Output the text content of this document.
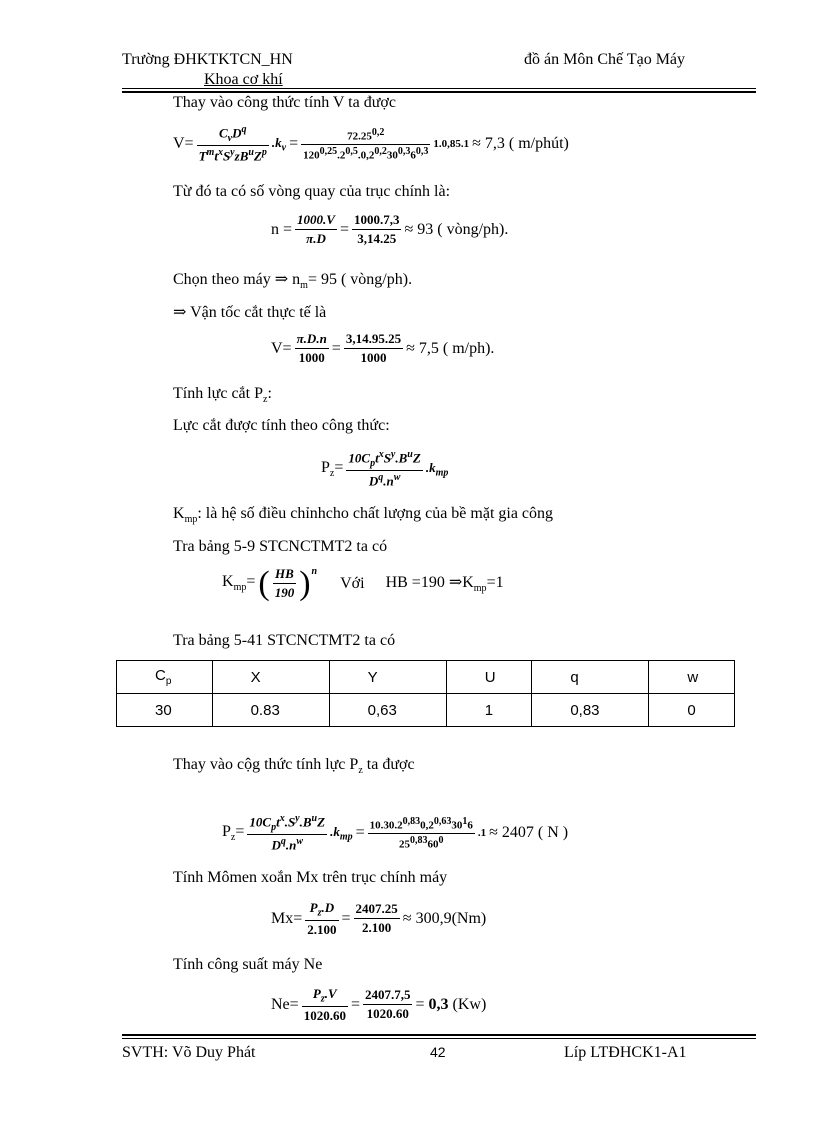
Trường ĐHKTKTCN_HN	đồ án Môn Chế Tạo Máy
Khoa cơ khí
Thay vào công thức tính V ta được
$V= \frac{C_vD^q}{T^mt^xS^yzB^uZ^p} .k_v = \frac{72.25^{0,2}}{120^{0,25}.2^{0,5}.0,2^{0,2}30^{0,3}6^{0,3}} 1.0,85.1 \approx 7,3$ ( m/phút)
Từ đó ta có số vòng quay của trục chính là:
$n = \frac{1000.V}{\pi.D} = \frac{1000.7,3}{3,14.25} \approx 93$ ( vòng/ph).
Chọn theo máy ⇒ $n_m= 95$ ( vòng/ph).
⇒ Vận tốc cắt thực tế là
$V= \frac{\pi.D.n}{1000} = \frac{3,14.95.25}{1000} \approx 7,5$ ( m/ph).
Tính lực cắt $P_z$:
Lực cắt được tính theo công thức:
$P_z= \frac{10C_pt^xS^y.B^uZ}{D^q.n^w} .k_{mp}$
$K_{mp}$: là hệ số điều chỉnhcho chất lượng của bề mặt gia công
Tra bảng 5-9 STCNCTMT2 ta có
$K_{mp}=$ ( $\frac{HB}{190} )^n$
Với HB =190 $\Rightarrow K_{mp}=1$
Tra bảng 5-41 STCNCTMT2 ta có
$C_p$	X	Y	U	q	w
30	0.83	0,63	1	0,83	0
Thay vào cộg thức tính lực $P_z$ ta được
$P_z= \frac{10C_pt^x.S^y.B^uZ}{D^q.n^w} .k_{mp} = \frac{10.30.2^{0,83}0,2^{0,63}30^16}{25^{0,83}60^0} .1 \approx 2407$ ( N )
Tính Mômen xoắn Mx trên trục chính máy
$Mx= \frac{P_z.D}{2.100} = \frac{2407.25}{2.100} \approx 300,9(Nm)$
Tính công suất máy Ne
$Ne= \frac{P_z.V}{1020.60} = \frac{2407.7,5}{1020.60} = 0,3$ (Kw)
SVTH: Võ Duy Phát	42	Líp LTĐHCK1-A1
